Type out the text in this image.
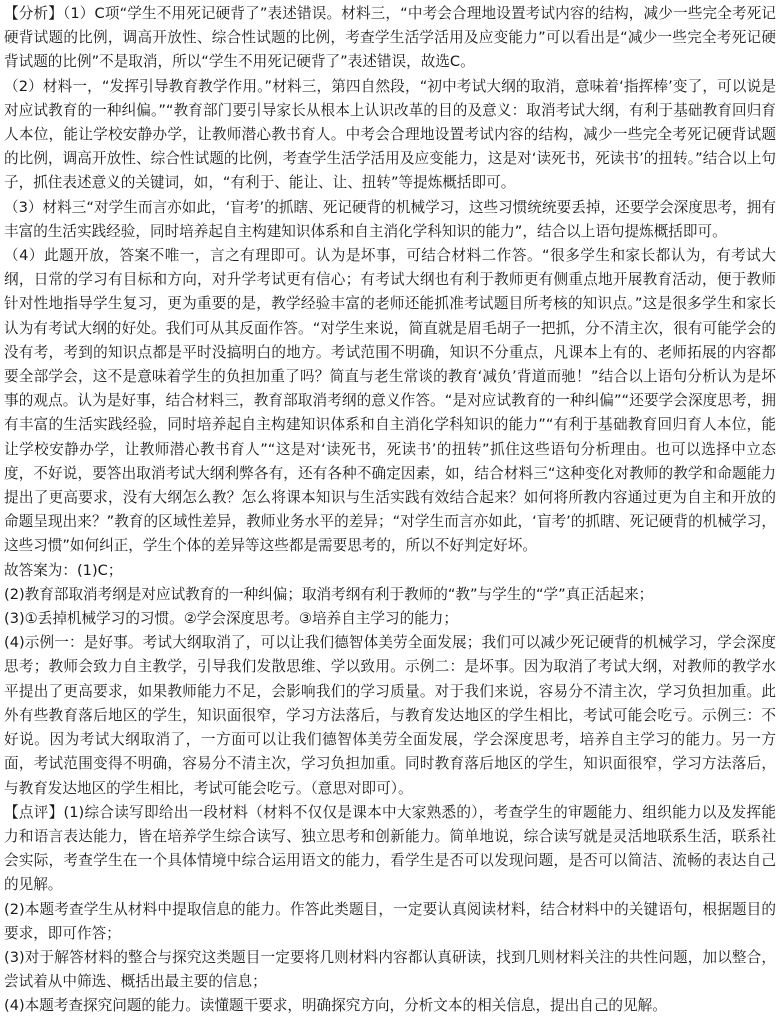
【分析】（1）C项“学生不用死记硬背了”表述错误。材料三，“中考会合理地设置考试内容的结构，减少一些完全考死记硬背试题的比例，调高开放性、综合性试题的比例，考查学生活学活用及应变能力”可以看出是“减少一些完全考死记硬背试题的比例”不是取消，所以“学生不用死记硬背了”表述错误，故选C。

（2）材料一，“发挥引导教育教学作用。”材料三，第四自然段，“初中考试大纲的取消，意味着‘指挥棒’变了，可以说是对应试教育的一种纠偏。”“教育部门要引导家长从根本上认识改革的目的及意义：取消考试大纲，有利于基础教育回归育人本位，能让学校安静办学，让教师潜心教书育人。中考会合理地设置考试内容的结构，减少一些完全考死记硬背试题的比例，调高开放性、综合性试题的比例，考查学生活学活用及应变能力，这是对‘读死书，死读书’的扭转。”结合以上句子，抓住表述意义的关键词，如，“有利于、能让、让、扭转”等提炼概括即可。

（3）材料三“对学生而言亦如此，‘盲考’的抓瞎、死记硬背的机械学习，这些习惯统统要丢掉，还要学会深度思考，拥有丰富的生活实践经验，同时培养起自主构建知识体系和自主消化学科知识的能力”，结合以上语句提炼概括即可。

（4）此题开放，答案不唯一，言之有理即可。认为是坏事，可结合材料二作答。“很多学生和家长都认为，有考试大纲，日常的学习有目标和方向，对升学考试更有信心；有考试大纲也有利于教师更有侧重点地开展教育活动，便于教师针对性地指导学生复习，更为重要的是，教学经验丰富的老师还能抓准考试题目所考核的知识点。”这是很多学生和家长认为有考试大纲的好处。我们可从其反面作答。“对学生来说，简直就是眉毛胡子一把抓，分不清主次，很有可能学会的没有考，考到的知识点都是平时没搞明白的地方。考试范围不明确，知识不分重点，凡课本上有的、老师拓展的内容都要全部学会，这不是意味着学生的负担加重了吗？简直与老生常谈的教育‘减负’背道而驰！”结合以上语句分析认为是坏事的观点。认为是好事，结合材料三，教育部取消考纲的意义作答。“是对应试教育的一种纠偏”“还要学会深度思考，拥有丰富的生活实践经验，同时培养起自主构建知识体系和自主消化学科知识的能力”“有利于基础教育回归育人本位，能让学校安静办学，让教师潜心教书育人”“这是对‘读死书，死读书’的扭转”抓住这些语句分析理由。也可以选择中立态度，不好说，要答出取消考试大纲利弊各有，还有各种不确定因素，如，结合材料三“这种变化对教师的教学和命题能力提出了更高要求，没有大纲怎么教？怎么将课本知识与生活实践有效结合起来？如何将所教内容通过更为自主和开放的命题呈现出来？”教育的区域性差异，教师业务水平的差异；“对学生而言亦如此，‘盲考’的抓瞎、死记硬背的机械学习，这些习惯”如何纠正，学生个体的差异等这些都是需要思考的，所以不好判定好坏。

故答案为：(1)C；

(2)教育部取消考纲是对应试教育的一种纠偏；取消考纲有利于教师的“教”与学生的“学”真正活起来；

(3)①丢掉机械学习的习惯。②学会深度思考。③培养自主学习的能力；

(4)示例一：是好事。考试大纲取消了，可以让我们德智体美劳全面发展；我们可以减少死记硬背的机械学习，学会深度思考；教师会致力自主教学，引导我们发散思维、学以致用。示例二：是坏事。因为取消了考试大纲，对教师的教学水平提出了更高要求，如果教师能力不足，会影响我们的学习质量。对于我们来说，容易分不清主次，学习负担加重。此外有些教育落后地区的学生，知识面很窄，学习方法落后，与教育发达地区的学生相比，考试可能会吃亏。示例三：不好说。因为考试大纲取消了，一方面可以让我们德智体美劳全面发展，学会深度思考，培养自主学习的能力。另一方面，考试范围变得不明确，容易分不清主次，学习负担加重。同时教育落后地区的学生，知识面很窄，学习方法落后，与教育发达地区的学生相比，考试可能会吃亏。（意思对即可）。

【点评】(1)综合读写即给出一段材料（材料不仅仅是课本中大家熟悉的），考查学生的审题能力、组织能力以及发挥能力和语言表达能力，皆在培养学生综合读写、独立思考和创新能力。简单地说，综合读写就是灵活地联系生活，联系社会实际，考查学生在一个具体情境中综合运用语文的能力，看学生是否可以发现问题，是否可以简洁、流畅的表达自己的见解。

(2)本题考查学生从材料中提取信息的能力。作答此类题目，一定要认真阅读材料，结合材料中的关键语句，根据题目的要求，即可作答；

(3)对于解答材料的整合与探究这类题目一定要将几则材料内容都认真研读，找到几则材料关注的共性问题，加以整合，尝试着从中筛选、概括出最主要的信息；

(4)本题考查探究问题的能力。读懂题干要求，明确探究方向，分析文本的相关信息，提出自己的见解。
